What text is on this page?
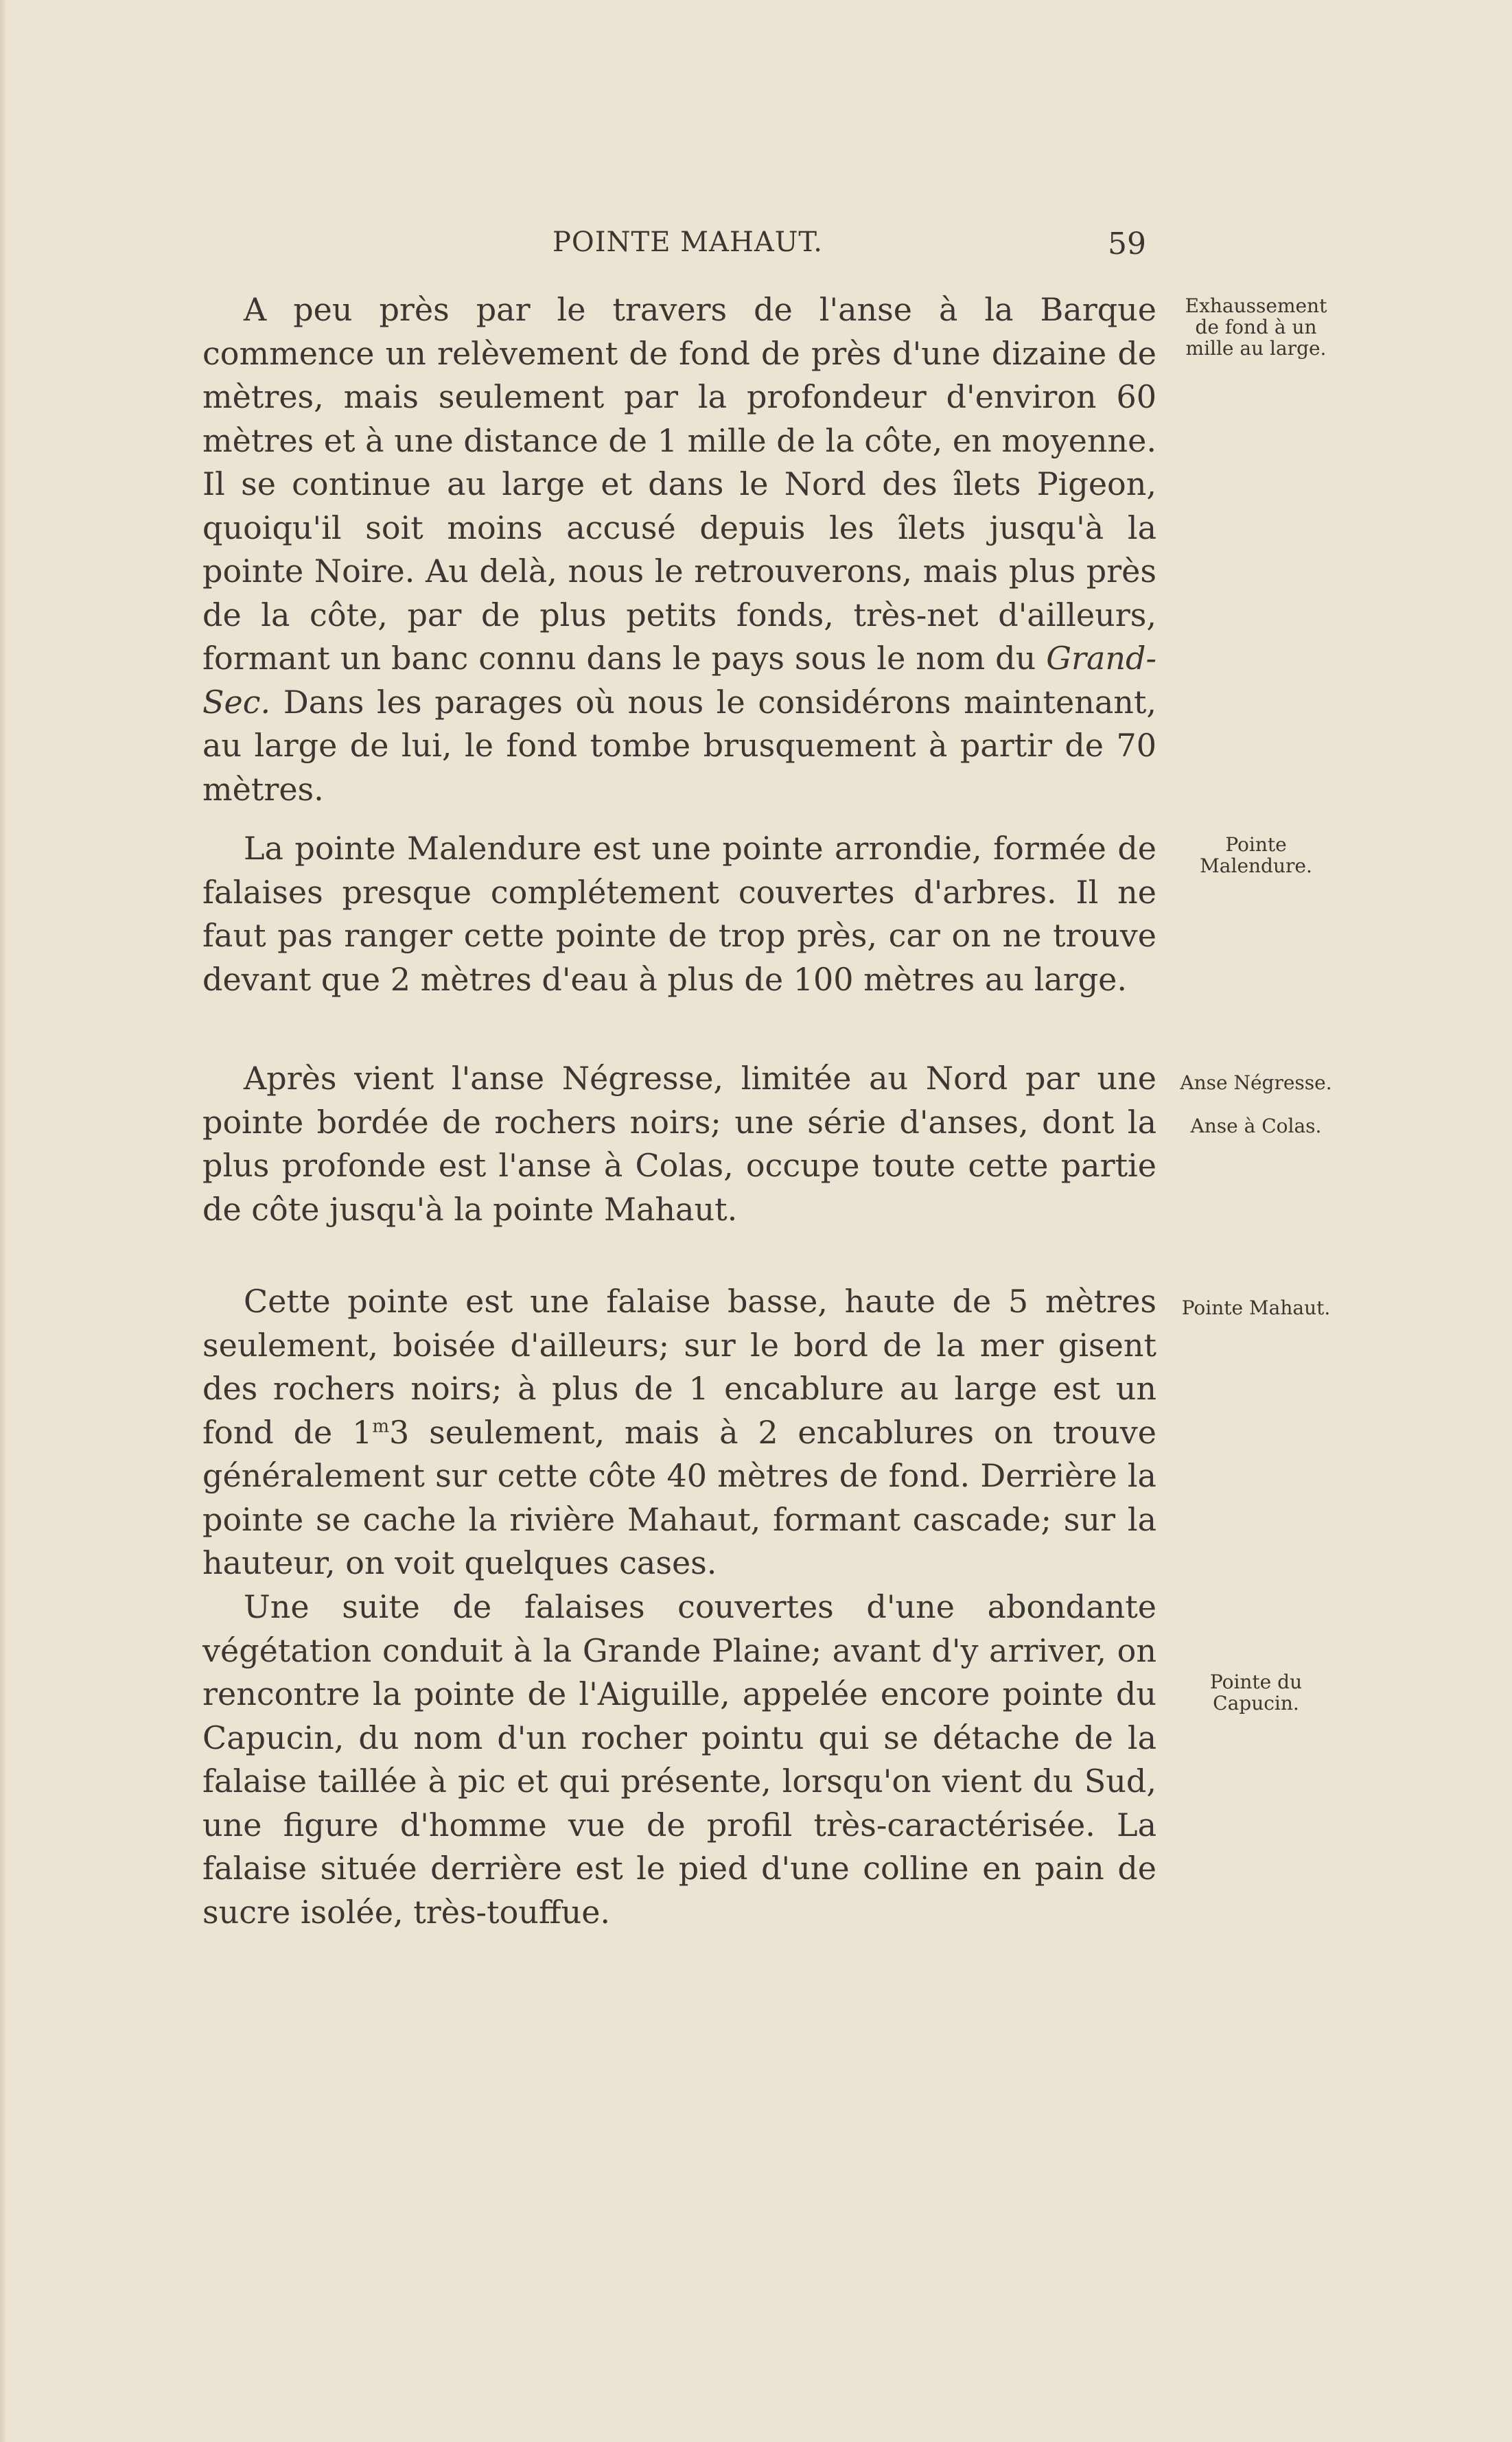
POINTE MAHAUT.	59

A peu près par le travers de l'anse à la Barque commence un relèvement de fond de près d'une dizaine de mètres, mais seulement par la profondeur d'environ 60 mètres et à une distance de 1 mille de la côte, en moyenne. Il se continue au large et dans le Nord des îlets Pigeon, quoiqu'il soit moins accusé depuis les îlets jusqu'à la pointe Noire. Au delà, nous le retrouverons, mais plus près de la côte, par de plus petits fonds, très-net d'ailleurs, formant un banc connu dans le pays sous le nom du Grand-Sec. Dans les parages où nous le considérons maintenant, au large de lui, le fond tombe brusquement à partir de 70 mètres.

La pointe Malendure est une pointe arrondie, formée de falaises presque complétement couvertes d'arbres. Il ne faut pas ranger cette pointe de trop près, car on ne trouve devant que 2 mètres d'eau à plus de 100 mètres au large.

Après vient l'anse Négresse, limitée au Nord par une pointe bordée de rochers noirs; une série d'anses, dont la plus profonde est l'anse à Colas, occupe toute cette partie de côte jusqu'à la pointe Mahaut.

Cette pointe est une falaise basse, haute de 5 mètres seulement, boisée d'ailleurs; sur le bord de la mer gisent des rochers noirs; à plus de 1 encablure au large est un fond de 1$^m$3 seulement, mais à 2 encablures on trouve généralement sur cette côte 40 mètres de fond. Derrière la pointe se cache la rivière Mahaut, formant cascade; sur la hauteur, on voit quelques cases.

Une suite de falaises couvertes d'une abondante végétation conduit à la Grande Plaine; avant d'y arriver, on rencontre la pointe de l'Aiguille, appelée encore pointe du Capucin, du nom d'un rocher pointu qui se détache de la falaise taillée à pic et qui présente, lorsqu'on vient du Sud, une figure d'homme vue de profil très-caractérisée. La falaise située derrière est le pied d'une colline en pain de sucre isolée, très-touffue.

Exhaussement de fond à un mille au large.

Pointe Malendure.

Anse Négresse.

Anse à Colas.

Pointe Mahaut.

Pointe du Capucin.
